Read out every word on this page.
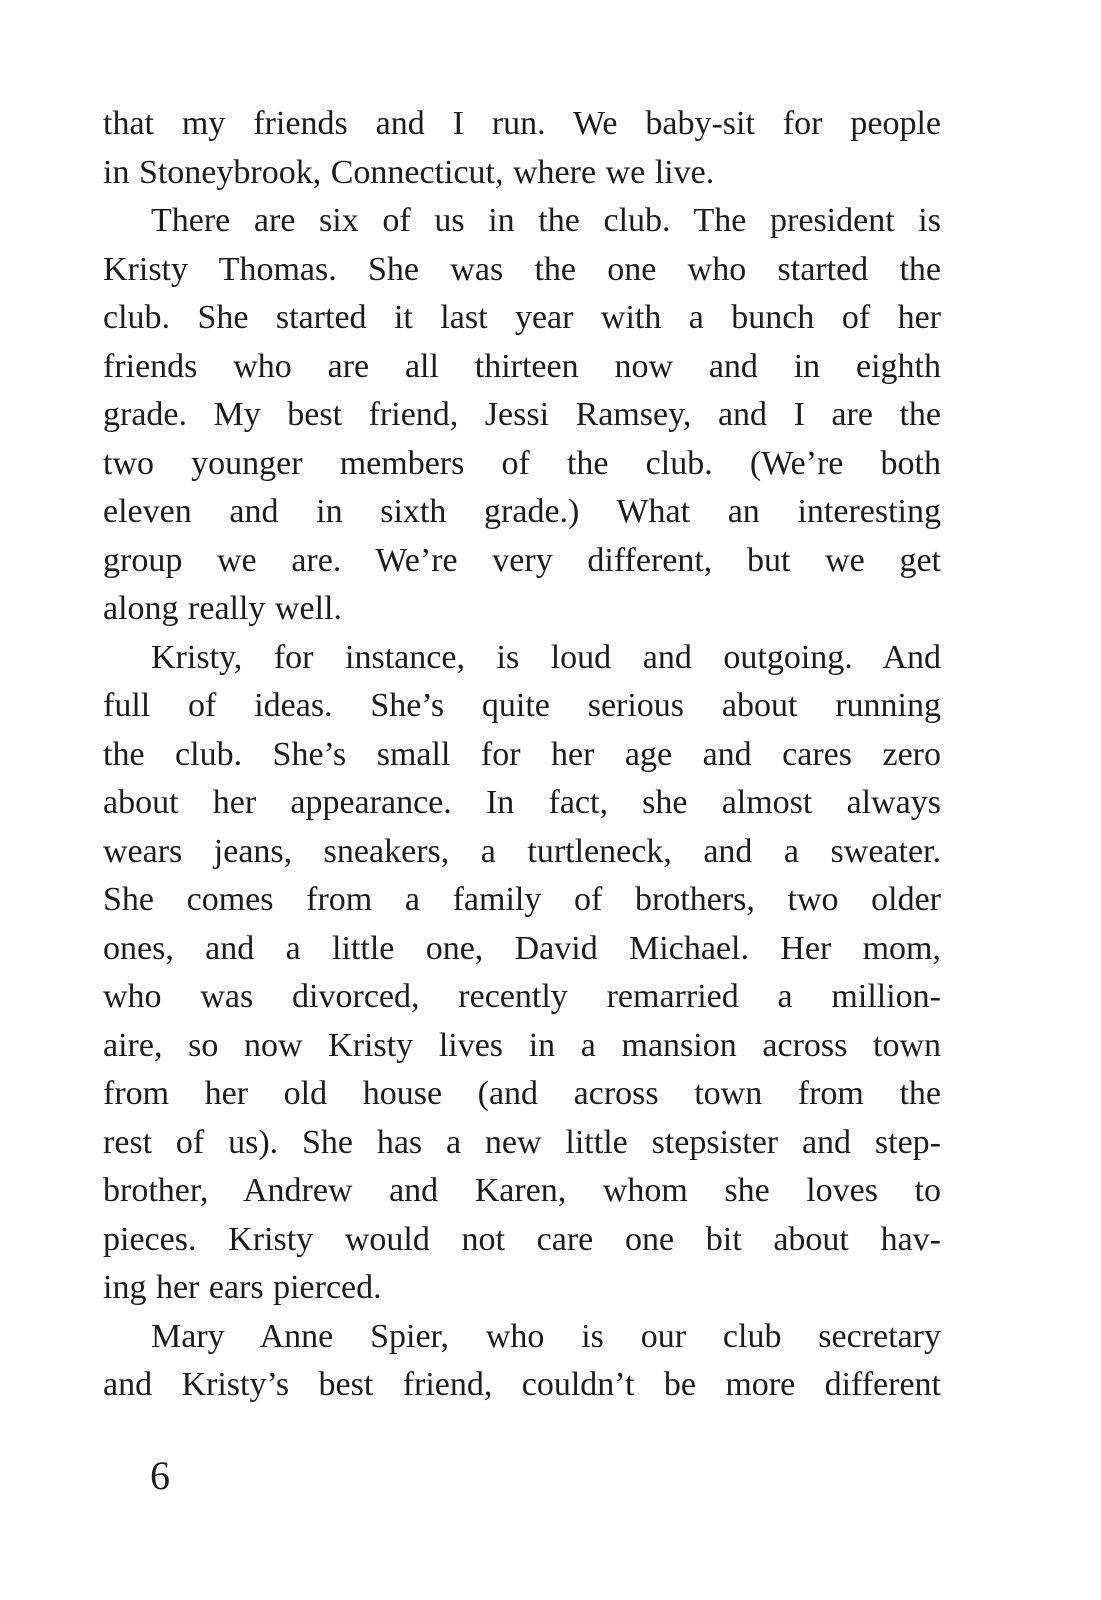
that my friends and I run. We baby-sit for people
in Stoneybrook, Connecticut, where we live.
There are six of us in the club. The president is
Kristy Thomas. She was the one who started the
club. She started it last year with a bunch of her
friends who are all thirteen now and in eighth
grade. My best friend, Jessi Ramsey, and I are the
two younger members of the club. (We’re both
eleven and in sixth grade.) What an interesting
group we are. We’re very different, but we get
along really well.
Kristy, for instance, is loud and outgoing. And
full of ideas. She’s quite serious about running
the club. She’s small for her age and cares zero
about her appearance. In fact, she almost always
wears jeans, sneakers, a turtleneck, and a sweater.
She comes from a family of brothers, two older
ones, and a little one, David Michael. Her mom,
who was divorced, recently remarried a million-
aire, so now Kristy lives in a mansion across town
from her old house (and across town from the
rest of us). She has a new little stepsister and step-
brother, Andrew and Karen, whom she loves to
pieces. Kristy would not care one bit about hav-
ing her ears pierced.
Mary Anne Spier, who is our club secretary
and Kristy’s best friend, couldn’t be more different
6
